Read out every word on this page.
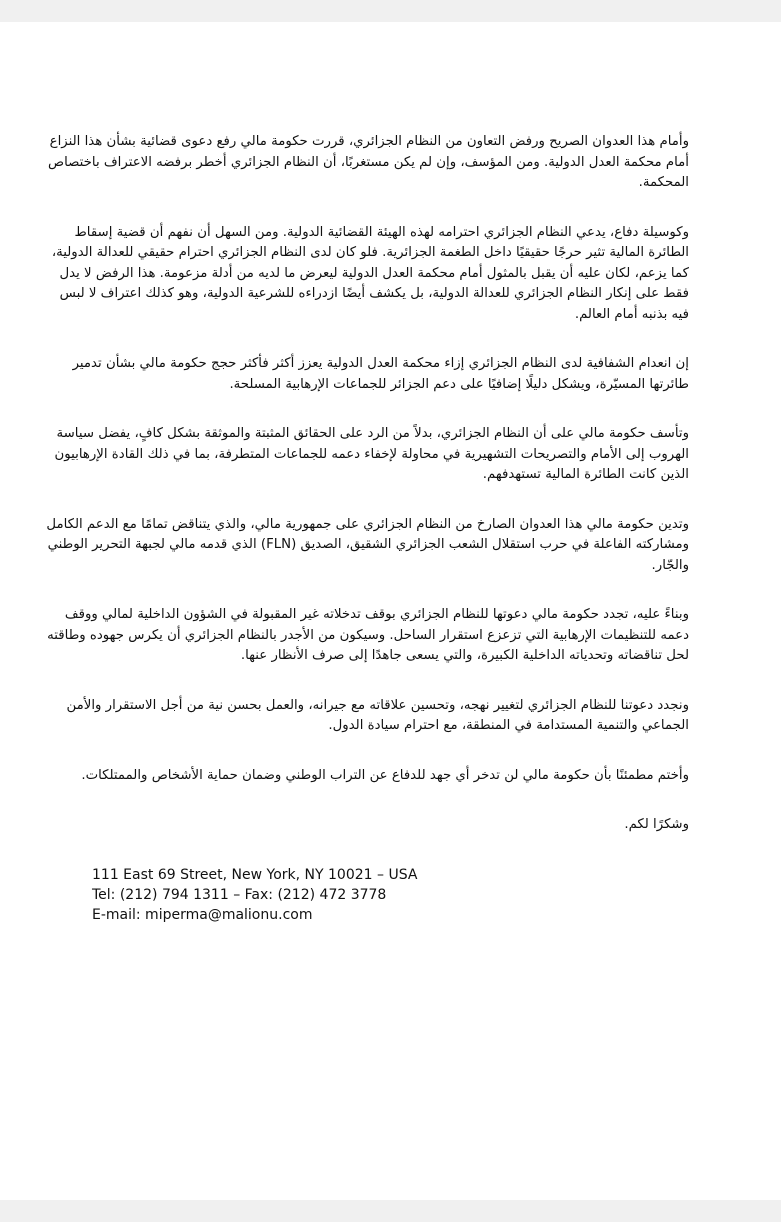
وأمام هذا العدوان الصريح ورفض التعاون من النظام الجزائري، قررت حكومة مالي رفع دعوى قضائية بشأن هذا النزاع
أمام محكمة العدل الدولية. ومن المؤسف، وإن لم يكن مستغربًا، أن النظام الجزائري أخطر برفضه الاعتراف باختصاص
المحكمة.
وكوسيلة دفاع، يدعي النظام الجزائري احترامه لهذه الهيئة القضائية الدولية. ومن السهل أن نفهم أن قضية إسقاط
الطائرة المالية تثير حرجًا حقيقيًا داخل الطغمة الجزائرية. فلو كان لدى النظام الجزائري احترام حقيقي للعدالة الدولية،
كما يزعم، لكان عليه أن يقبل بالمثول أمام محكمة العدل الدولية ليعرض ما لديه من أدلة مزعومة. هذا الرفض لا يدل
فقط على إنكار النظام الجزائري للعدالة الدولية، بل يكشف أيضًا ازدراءه للشرعية الدولية، وهو كذلك اعتراف لا لبس
فيه بذنبه أمام العالم.
إن انعدام الشفافية لدى النظام الجزائري إزاء محكمة العدل الدولية يعزز أكثر فأكثر حجج حكومة مالي بشأن تدمير
طائرتها المسيّرة، ويشكل دليلًا إضافيًا على دعم الجزائر للجماعات الإرهابية المسلحة.
وتأسف حكومة مالي على أن النظام الجزائري، بدلاً من الرد على الحقائق المثبتة والموثقة بشكل كافٍ، يفضل سياسة
الهروب إلى الأمام والتصريحات التشهيرية في محاولة لإخفاء دعمه للجماعات المتطرفة، بما في ذلك القادة الإرهابيون
الذين كانت الطائرة المالية تستهدفهم.
وتدين حكومة مالي هذا العدوان الصارخ من النظام الجزائري على جمهورية مالي، والذي يتناقض تمامًا مع الدعم الكامل
ومشاركته الفاعلة في حرب استقلال الشعب الجزائري الشقيق، الصديق (FLN) الذي قدمه مالي لجبهة التحرير الوطني
والجّار.
وبناءً عليه، تجدد حكومة مالي دعوتها للنظام الجزائري بوقف تدخلاته غير المقبولة في الشؤون الداخلية لمالي ووقف
دعمه للتنظيمات الإرهابية التي تزعزع استقرار الساحل. وسيكون من الأجدر بالنظام الجزائري أن يكرس جهوده وطاقته
لحل تناقضاته وتحدياته الداخلية الكبيرة، والتي يسعى جاهدًا إلى صرف الأنظار عنها.
ونجدد دعوتنا للنظام الجزائري لتغيير نهجه، وتحسين علاقاته مع جيرانه، والعمل بحسن نية من أجل الاستقرار والأمن
الجماعي والتنمية المستدامة في المنطقة، مع احترام سيادة الدول.
وأختم مطمئنًا بأن حكومة مالي لن تدخر أي جهد للدفاع عن التراب الوطني وضمان حماية الأشخاص والممتلكات.
وشكرًا لكم.
111 East 69 Street, New York, NY 10021 – USA
Tel: (212) 794 1311 – Fax: (212) 472 3778
E-mail: miperma@malionu.com
